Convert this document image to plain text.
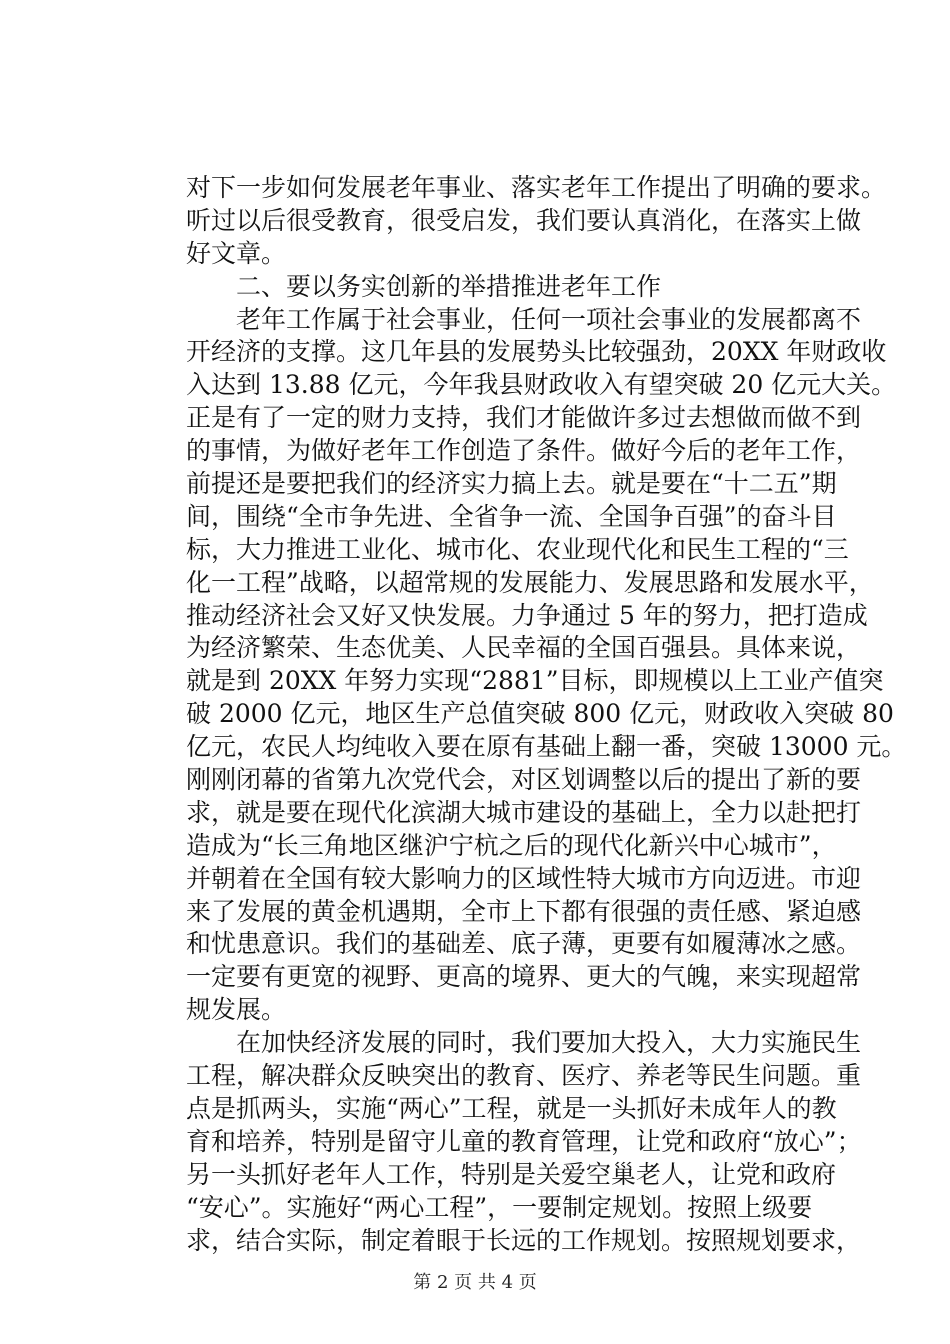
对下一步如何发展老年事业、落实老年工作提出了明确的要求。
听过以后很受教育，很受启发，我们要认真消化，在落实上做
好文章。
　　二、要以务实创新的举措推进老年工作
　　老年工作属于社会事业，任何一项社会事业的发展都离不
开经济的支撑。这几年县的发展势头比较强劲，20XX 年财政收
入达到 13.88 亿元，今年我县财政收入有望突破 20 亿元大关。
正是有了一定的财力支持，我们才能做许多过去想做而做不到
的事情，为做好老年工作创造了条件。做好今后的老年工作，
前提还是要把我们的经济实力搞上去。就是要在“十二五”期
间，围绕“全市争先进、全省争一流、全国争百强”的奋斗目
标，大力推进工业化、城市化、农业现代化和民生工程的“三
化一工程”战略，以超常规的发展能力、发展思路和发展水平，
推动经济社会又好又快发展。力争通过 5 年的努力，把打造成
为经济繁荣、生态优美、人民幸福的全国百强县。具体来说，
就是到 20XX 年努力实现“2881”目标，即规模以上工业产值突
破 2000 亿元，地区生产总值突破 800 亿元，财政收入突破 80
亿元，农民人均纯收入要在原有基础上翻一番，突破 13000 元。
刚刚闭幕的省第九次党代会，对区划调整以后的提出了新的要
求，就是要在现代化滨湖大城市建设的基础上，全力以赴把打
造成为“长三角地区继沪宁杭之后的现代化新兴中心城市”，
并朝着在全国有较大影响力的区域性特大城市方向迈进。市迎
来了发展的黄金机遇期，全市上下都有很强的责任感、紧迫感
和忧患意识。我们的基础差、底子薄，更要有如履薄冰之感。
一定要有更宽的视野、更高的境界、更大的气魄，来实现超常
规发展。
　　在加快经济发展的同时，我们要加大投入，大力实施民生
工程，解决群众反映突出的教育、医疗、养老等民生问题。重
点是抓两头，实施“两心”工程，就是一头抓好未成年人的教
育和培养，特别是留守儿童的教育管理，让党和政府“放心”；
另一头抓好老年人工作，特别是关爱空巢老人，让党和政府
“安心”。实施好“两心工程”，一要制定规划。按照上级要
求，结合实际，制定着眼于长远的工作规划。按照规划要求，
第 2 页 共 4 页
